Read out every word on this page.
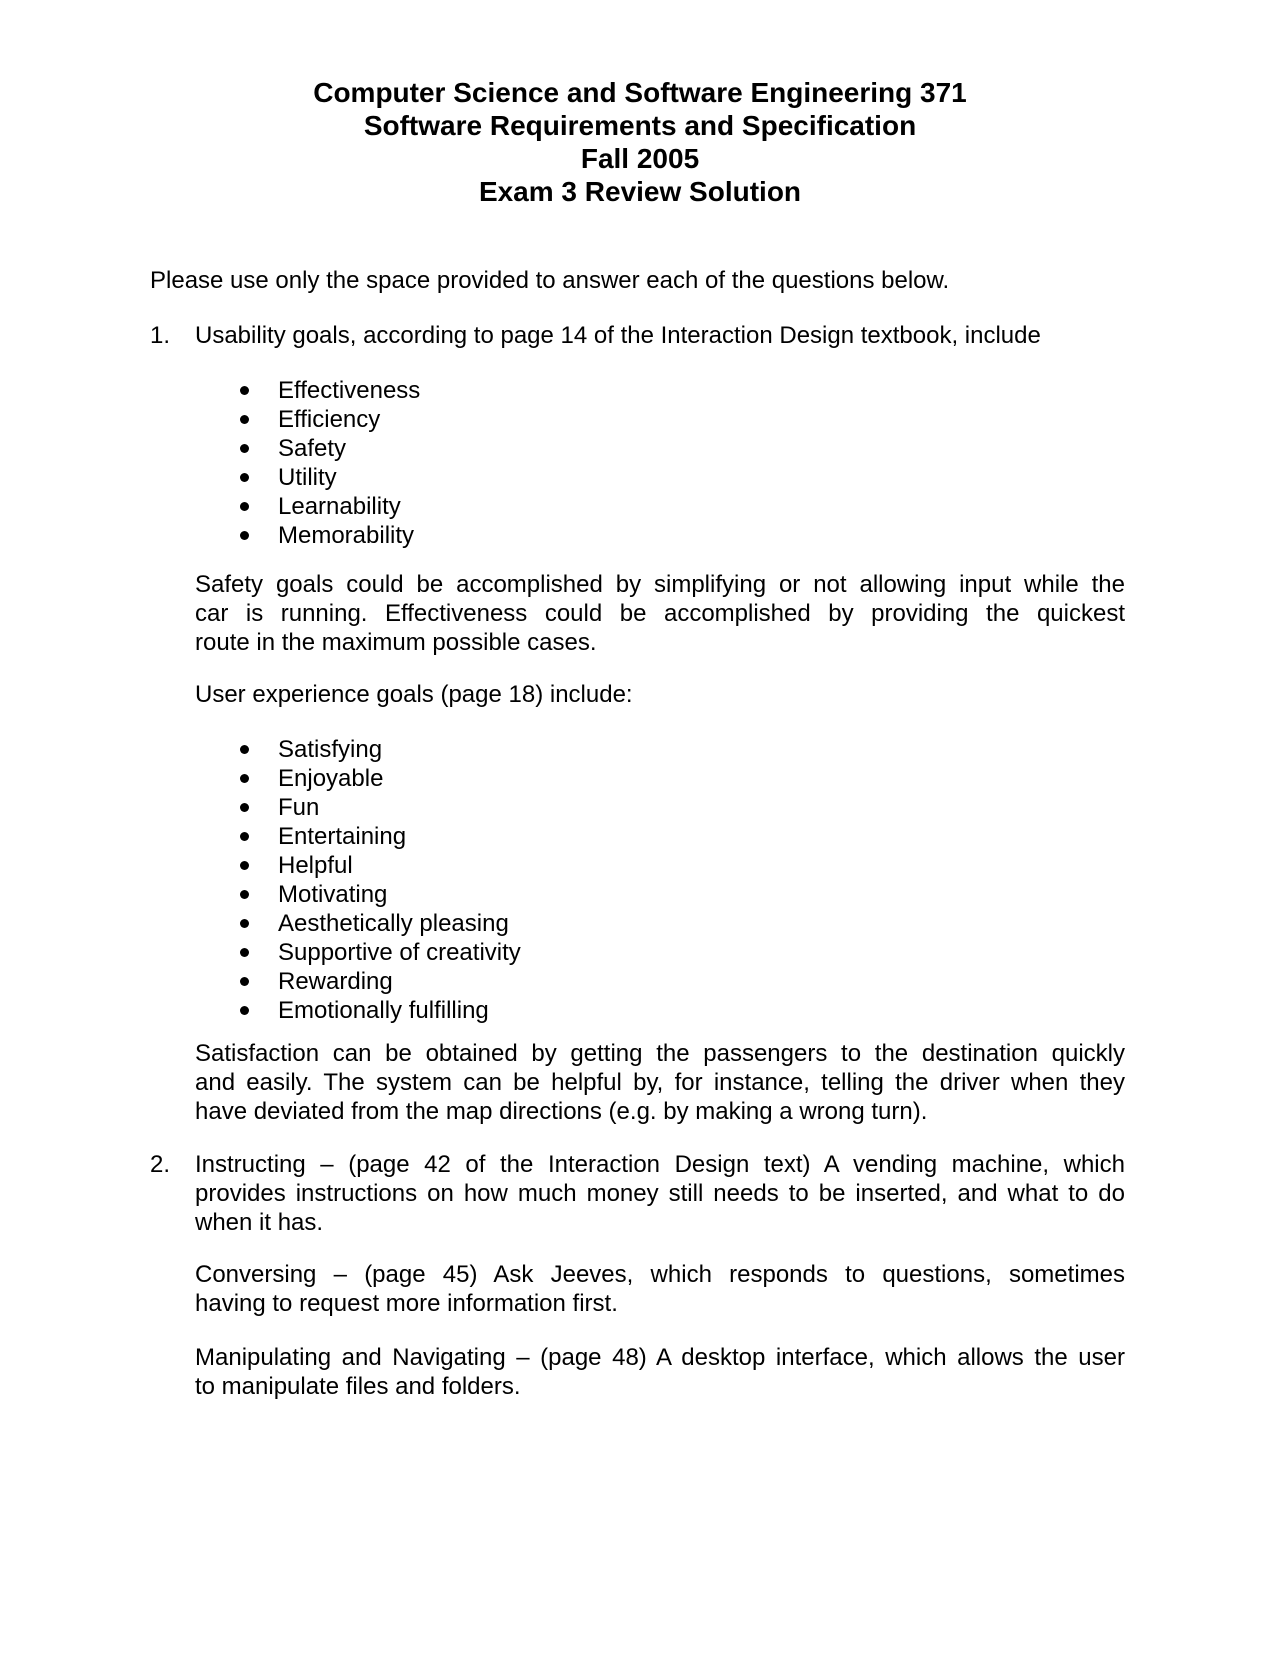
Computer Science and Software Engineering 371
Software Requirements and Specification
Fall 2005
Exam 3 Review Solution
Please use only the space provided to answer each of the questions below.
1.	Usability goals, according to page 14 of the Interaction Design textbook, include
Effectiveness
Efficiency
Safety
Utility
Learnability
Memorability
Safety goals could be accomplished by simplifying or not allowing input while the
car is running. Effectiveness could be accomplished by providing the quickest
route in the maximum possible cases.
User experience goals (page 18) include:
Satisfying
Enjoyable
Fun
Entertaining
Helpful
Motivating
Aesthetically pleasing
Supportive of creativity
Rewarding
Emotionally fulfilling
Satisfaction can be obtained by getting the passengers to the destination quickly
and easily. The system can be helpful by, for instance, telling the driver when they
have deviated from the map directions (e.g. by making a wrong turn).
2.	Instructing – (page 42 of the Interaction Design text) A vending machine, which
provides instructions on how much money still needs to be inserted, and what to do
when it has.
Conversing – (page 45) Ask Jeeves, which responds to questions, sometimes
having to request more information first.
Manipulating and Navigating – (page 48) A desktop interface, which allows the user
to manipulate files and folders.
